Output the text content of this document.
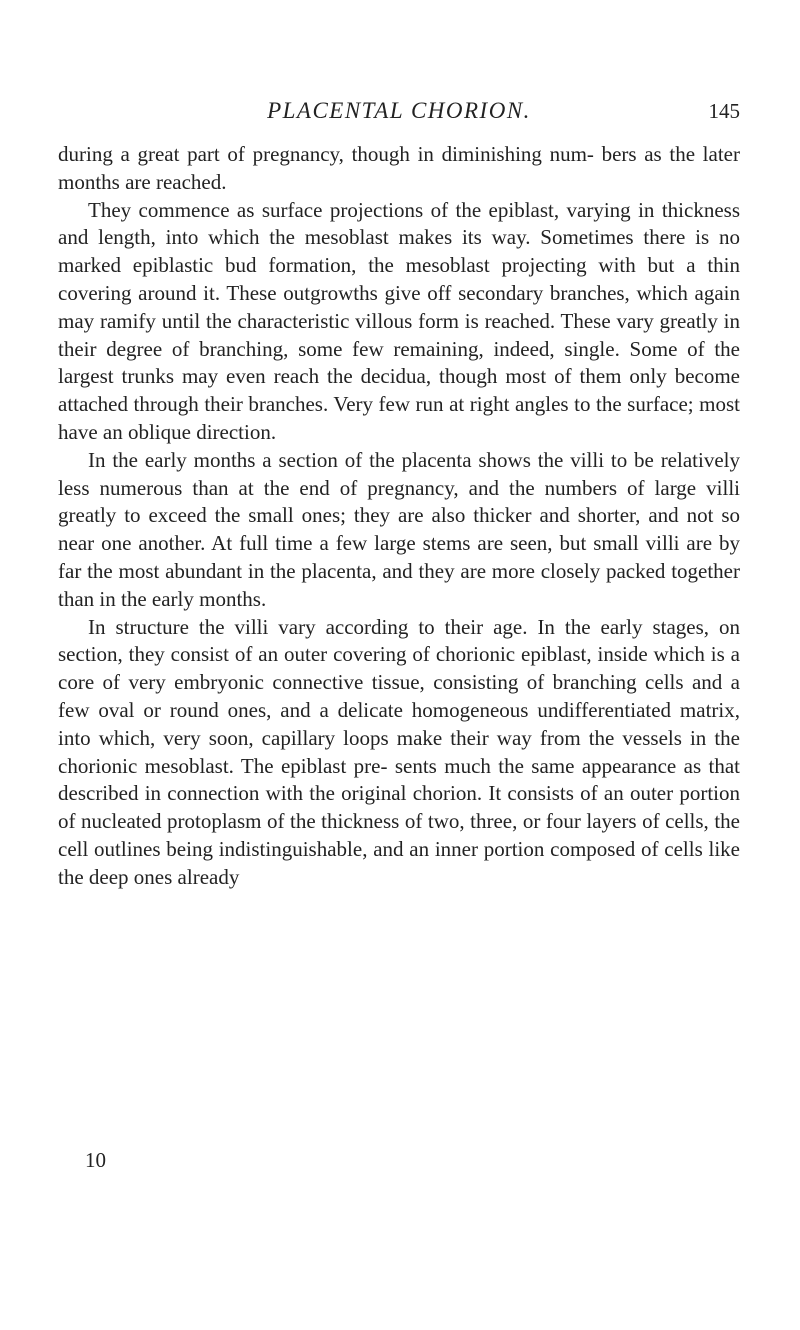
PLACENTAL CHORION.	145

during a great part of pregnancy, though in diminishing num- bers as the later months are reached.

They commence as surface projections of the epiblast, varying in thickness and length, into which the mesoblast makes its way. Sometimes there is no marked epiblastic bud formation, the mesoblast projecting with but a thin covering around it. These outgrowths give off secondary branches, which again may ramify until the characteristic villous form is reached. These vary greatly in their degree of branching, some few remaining, indeed, single. Some of the largest trunks may even reach the decidua, though most of them only become attached through their branches. Very few run at right angles to the surface; most have an oblique direction.

In the early months a section of the placenta shows the villi to be relatively less numerous than at the end of pregnancy, and the numbers of large villi greatly to exceed the small ones; they are also thicker and shorter, and not so near one another. At full time a few large stems are seen, but small villi are by far the most abundant in the placenta, and they are more closely packed together than in the early months.

In structure the villi vary according to their age. In the early stages, on section, they consist of an outer covering of chorionic epiblast, inside which is a core of very embryonic connective tissue, consisting of branching cells and a few oval or round ones, and a delicate homogeneous undifferentiated matrix, into which, very soon, capillary loops make their way from the vessels in the chorionic mesoblast. The epiblast pre- sents much the same appearance as that described in connection with the original chorion. It consists of an outer portion of nucleated protoplasm of the thickness of two, three, or four layers of cells, the cell outlines being indistinguishable, and an inner portion composed of cells like the deep ones already

10
